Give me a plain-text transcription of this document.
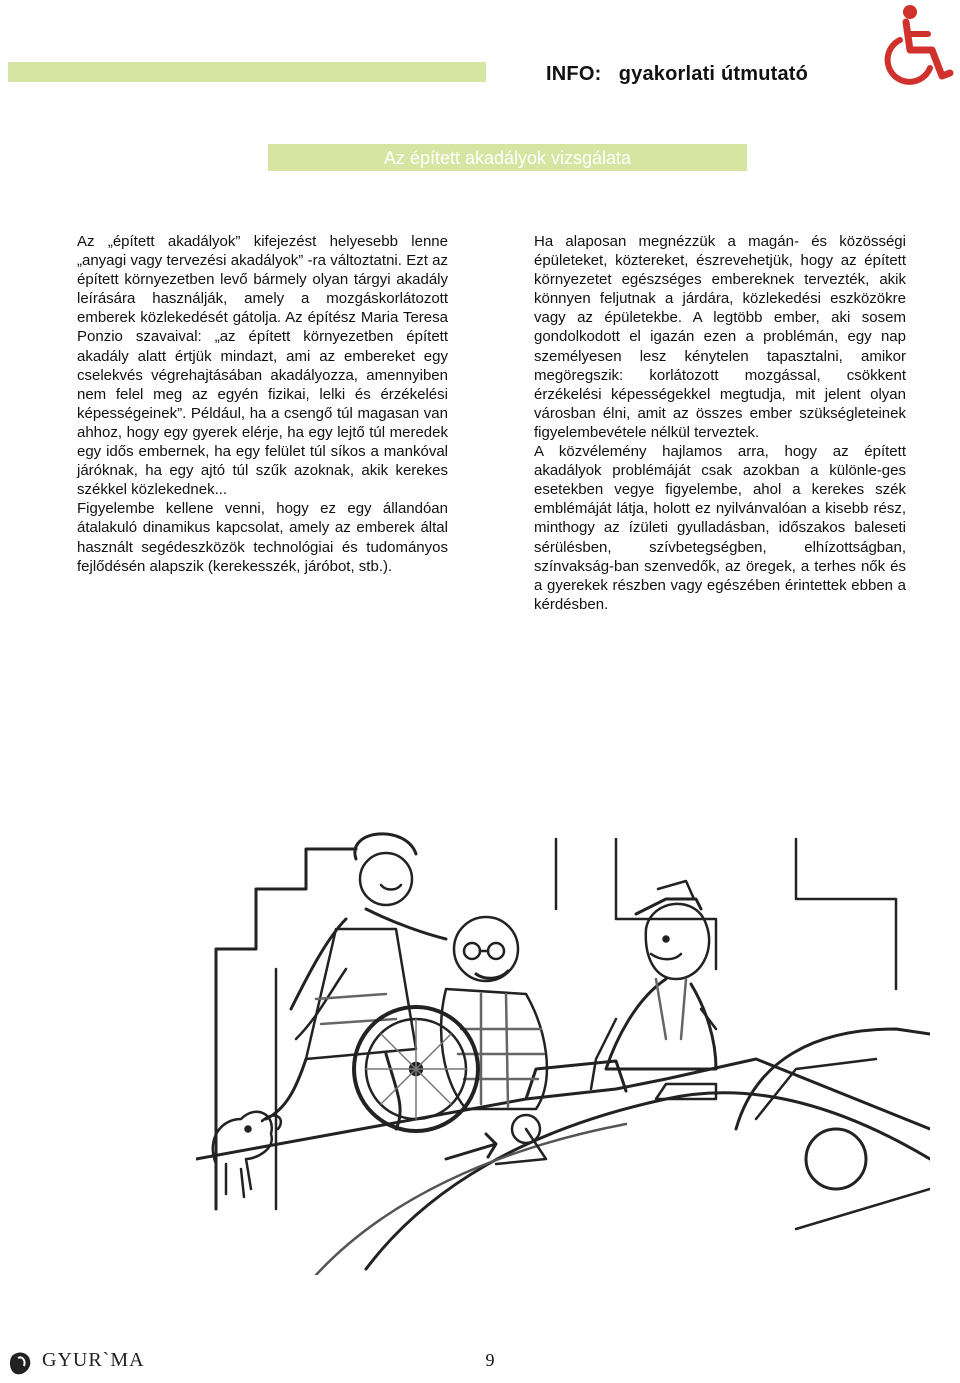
INFO:   gyakorlati útmutató
Az épített akadályok vizsgálata

Az „épített akadályok” kifejezést helyesebb lenne „anyagi vagy tervezési akadályok” -ra változtatni. Ezt az épített környezetben levő bármely olyan tárgyi akadály leírására használják, amely a mozgáskorlátozott emberek közlekedését gátolja. Az építész Maria Teresa Ponzio szavaival: „az épített környezetben épített akadály alatt értjük mindazt, ami az embereket egy cselekvés végrehajtásában akadályozza, amennyiben nem felel meg az egyén fizikai, lelki és érzékelési képességeinek”. Például, ha a csengő túl magasan van ahhoz, hogy egy gyerek elérje, ha egy lejtő túl meredek egy idős embernek, ha egy felület túl síkos a mankóval járóknak, ha egy ajtó túl szűk azoknak, akik kerekes székkel közlekednek...

Figyelembe kellene venni, hogy ez egy állandóan átalakuló dinamikus kapcsolat, amely az emberek által használt segédeszközök technológiai és tudományos fejlődésén alapszik (kerekesszék, járóbot, stb.).

Ha alaposan megnézzük a magán- és közösségi épületeket, köztereket, észrevehetjük, hogy az épített környezetet egészséges embereknek tervezték, akik könnyen feljutnak a járdára, közlekedési eszközökre vagy az épületekbe. A legtöbb ember, aki sosem gondolkodott el igazán ezen a problémán, egy nap személyesen lesz kénytelen tapasztalni, amikor megöregszik: korlátozott mozgással, csökkent érzékelési képességekkel megtudja, mit jelent olyan városban élni, amit az összes ember szükségleteinek figyelembevétele nélkül terveztek.

A közvélemény hajlamos arra, hogy az épített akadályok problémáját csak azokban a különle-ges esetekben vegye figyelembe, ahol a kerekes szék emblémáját látja, holott ez nyilvánvalóan a kisebb rész, minthogy az ízületi gyulladásban, időszakos baleseti sérülésben, szívbetegségben, elhízottságban, színvakság-ban szenvedők, az öregek, a terhes nők és a gyerekek részben vagy egészében érintettek ebben a kérdésben.

GYUR`MA	9
